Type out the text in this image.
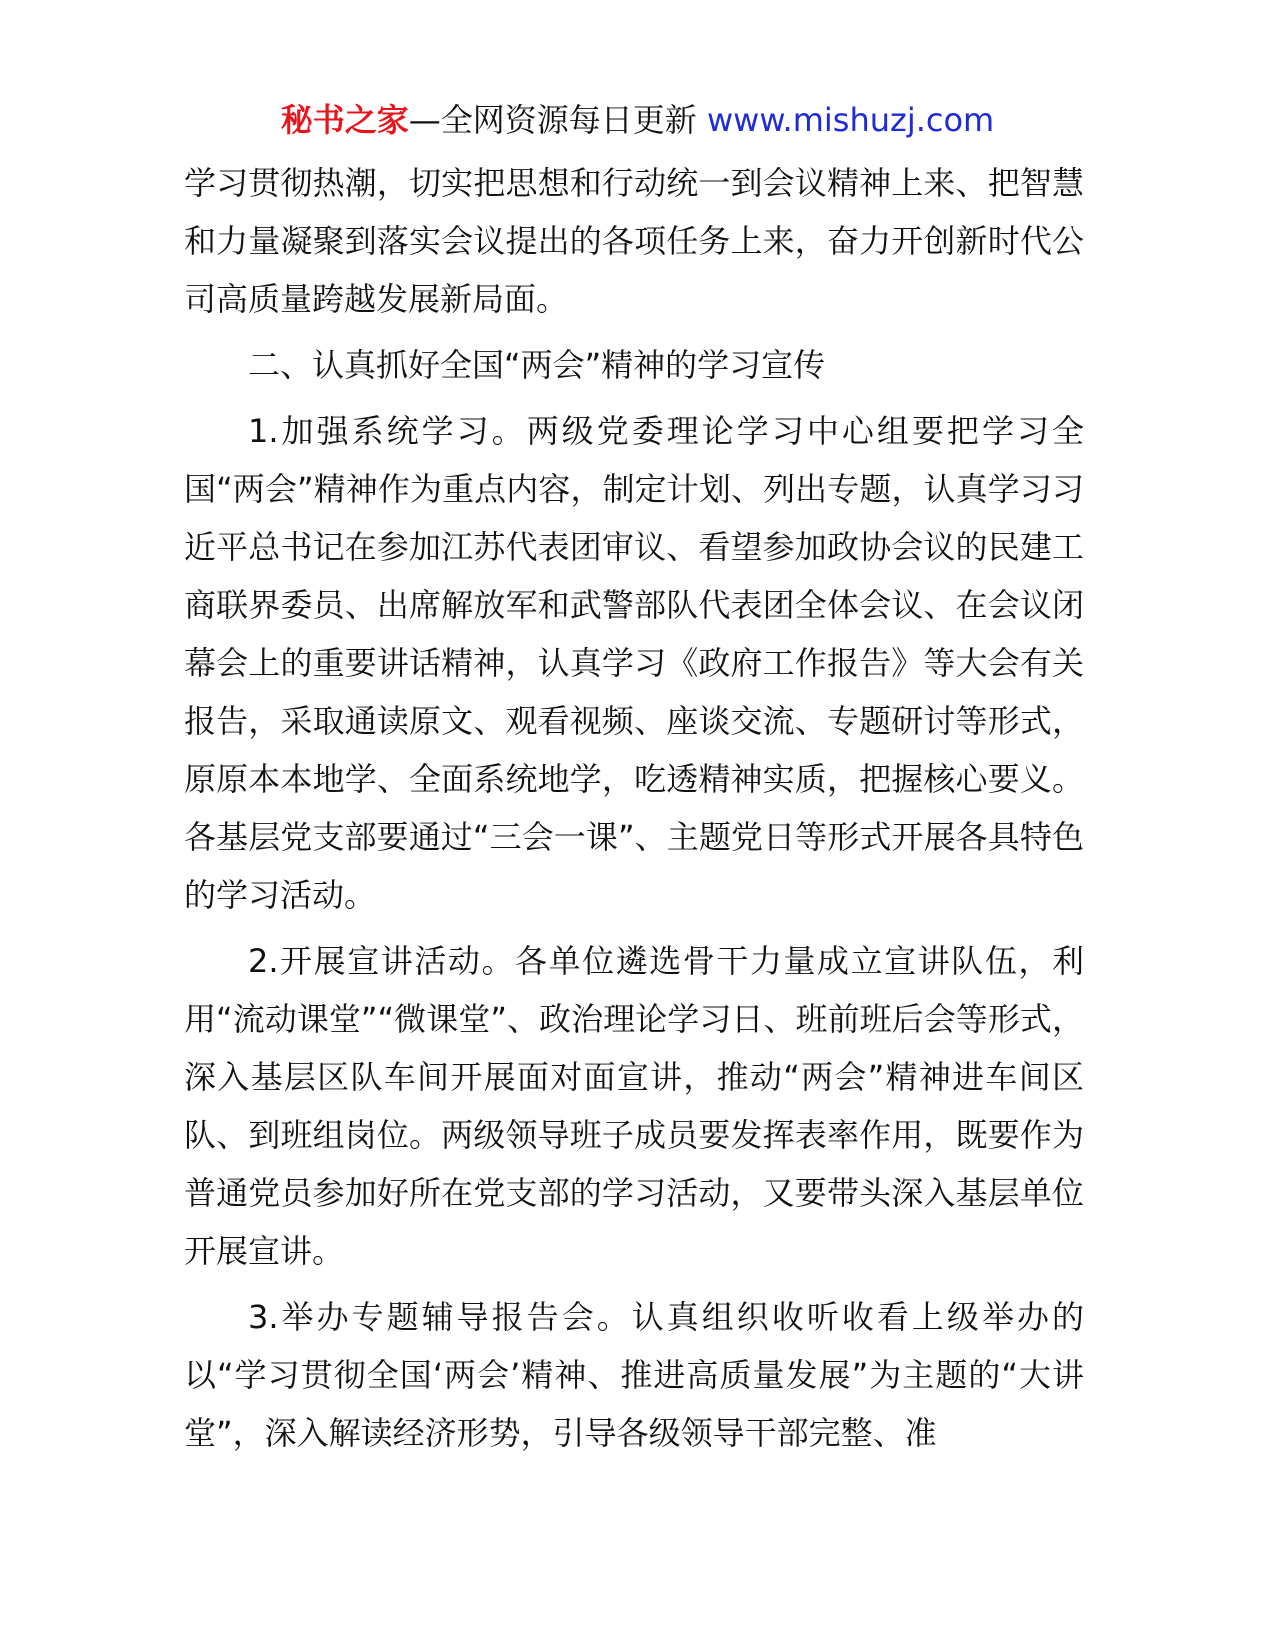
秘书之家—全网资源每日更新 www.mishuzj.com

学习贯彻热潮，切实把思想和行动统一到会议精神上来、把智慧和力量凝聚到落实会议提出的各项任务上来，奋力开创新时代公司高质量跨越发展新局面。

二、认真抓好全国“两会”精神的学习宣传

1.加强系统学习。两级党委理论学习中心组要把学习全国“两会”精神作为重点内容，制定计划、列出专题，认真学习习近平总书记在参加江苏代表团审议、看望参加政协会议的民建工商联界委员、出席解放军和武警部队代表团全体会议、在会议闭幕会上的重要讲话精神，认真学习《政府工作报告》等大会有关报告，采取通读原文、观看视频、座谈交流、专题研讨等形式，原原本本地学、全面系统地学，吃透精神实质，把握核心要义。各基层党支部要通过“三会一课”、主题党日等形式开展各具特色的学习活动。

2.开展宣讲活动。各单位遴选骨干力量成立宣讲队伍，利用“流动课堂”“微课堂”、政治理论学习日、班前班后会等形式，深入基层区队车间开展面对面宣讲，推动“两会”精神进车间区队、到班组岗位。两级领导班子成员要发挥表率作用，既要作为普通党员参加好所在党支部的学习活动，又要带头深入基层单位开展宣讲。

3.举办专题辅导报告会。认真组织收听收看上级举办的以“学习贯彻全国‘两会’精神、推进高质量发展”为主题的“大讲堂”，深入解读经济形势，引导各级领导干部完整、准
